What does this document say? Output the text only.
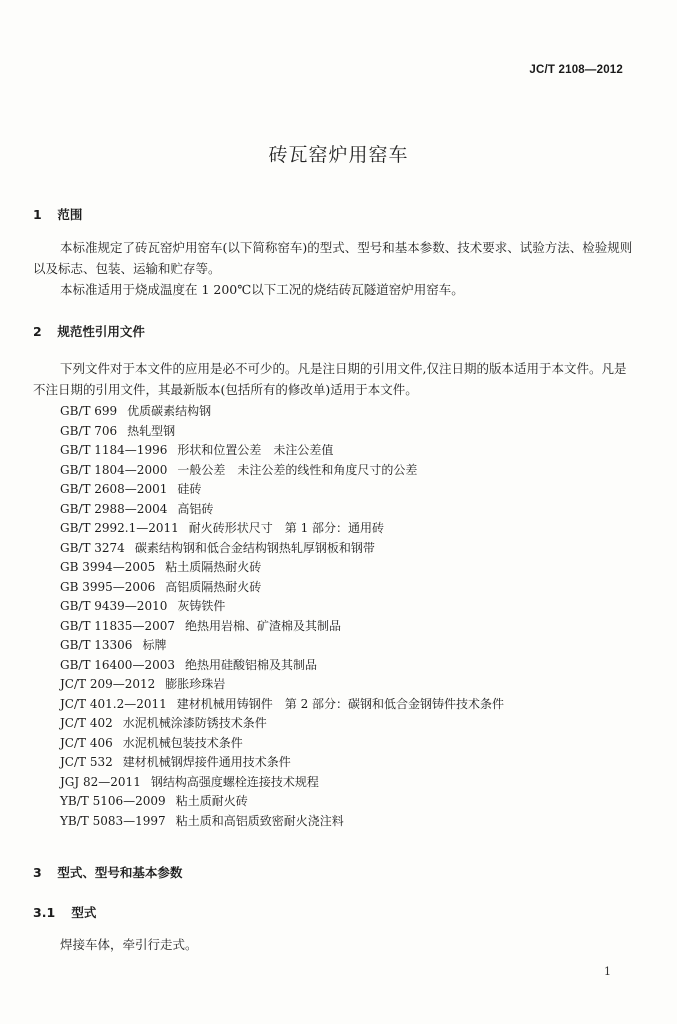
JC/T 2108—2012
砖瓦窑炉用窑车
1 范围
本标准规定了砖瓦窑炉用窑车(以下简称窑车)的型式、型号和基本参数、技术要求、试验方法、检验规则以及标志、包装、运输和贮存等。
本标准适用于烧成温度在 1 200℃以下工况的烧结砖瓦隧道窑炉用窑车。
2 规范性引用文件
下列文件对于本文件的应用是必不可少的。凡是注日期的引用文件,仅注日期的版本适用于本文件。凡是不注日期的引用文件，其最新版本(包括所有的修改单)适用于本文件。
GB/T 699 优质碳素结构钢
GB/T 706 热轧型钢
GB/T 1184—1996 形状和位置公差　未注公差值
GB/T 1804—2000 一般公差　未注公差的线性和角度尺寸的公差
GB/T 2608—2001 硅砖
GB/T 2988—2004 高铝砖
GB/T 2992.1—2011 耐火砖形状尺寸　第 1 部分：通用砖
GB/T 3274 碳素结构钢和低合金结构钢热轧厚钢板和钢带
GB 3994—2005 粘土质隔热耐火砖
GB 3995—2006 高铝质隔热耐火砖
GB/T 9439—2010 灰铸铁件
GB/T 11835—2007 绝热用岩棉、矿渣棉及其制品
GB/T 13306 标牌
GB/T 16400—2003 绝热用硅酸铝棉及其制品
JC/T 209—2012 膨胀珍珠岩
JC/T 401.2—2011 建材机械用铸钢件　第 2 部分：碳钢和低合金钢铸件技术条件
JC/T 402 水泥机械涂漆防锈技术条件
JC/T 406 水泥机械包装技术条件
JC/T 532 建材机械钢焊接件通用技术条件
JGJ 82—2011 钢结构高强度螺栓连接技术规程
YB/T 5106—2009 粘土质耐火砖
YB/T 5083—1997 粘土质和高铝质致密耐火浇注料
3 型式、型号和基本参数
3.1 型式
焊接车体，牵引行走式。
1
